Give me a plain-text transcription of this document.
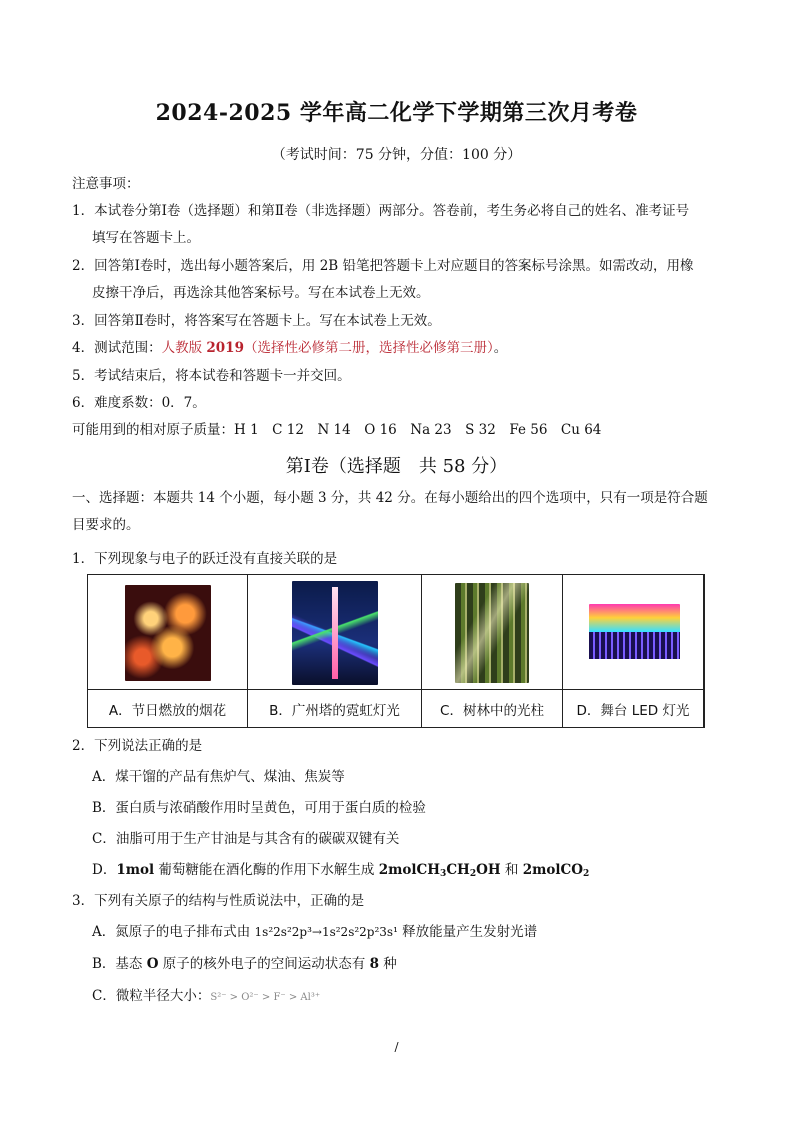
2024-2025 学年高二化学下学期第三次月考卷
（考试时间：75 分钟，分值：100 分）
注意事项：
1．本试卷分第Ⅰ卷（选择题）和第Ⅱ卷（非选择题）两部分。答卷前，考生务必将自己的姓名、准考证号
填写在答题卡上。
2．回答第Ⅰ卷时，选出每小题答案后，用 2B 铅笔把答题卡上对应题目的答案标号涂黑。如需改动，用橡
皮擦干净后，再选涂其他答案标号。写在本试卷上无效。
3．回答第Ⅱ卷时，将答案写在答题卡上。写在本试卷上无效。
4．测试范围：人教版 2019（选择性必修第二册，选择性必修第三册）。
5．考试结束后，将本试卷和答题卡一并交回。
6．难度系数：0．7。
可能用到的相对原子质量：H 1　C 12　N 14　O 16　Na 23　S 32　Fe 56　Cu 64
第Ⅰ卷（选择题　共 58 分）
一、选择题：本题共 14 个小题，每小题 3 分，共 42 分。在每小题给出的四个选项中，只有一项是符合题
目要求的。
1．下列现象与电子的跃迁没有直接关联的是
A．节日燃放的烟花	B．广州塔的霓虹灯光	C．树林中的光柱	D．舞台 LED 灯光
2．下列说法正确的是
A．煤干馏的产品有焦炉气、煤油、焦炭等
B．蛋白质与浓硝酸作用时呈黄色，可用于蛋白质的检验
C．油脂可用于生产甘油是与其含有的碳碳双键有关
D．1mol 葡萄糖能在酒化酶的作用下水解生成 $2molCH_3CH_2OH$ 和 2molCO$_2$
3．下列有关原子的结构与性质说法中，正确的是
A．氮原子的电子排布式由 1s²2s²2p³→1s²2s²2p²3s¹ 释放能量产生发射光谱
B．基态 O 原子的核外电子的空间运动状态有 8 种
C．微粒半径大小：S²⁻ > O²⁻ > F⁻ > Al³⁺
/
